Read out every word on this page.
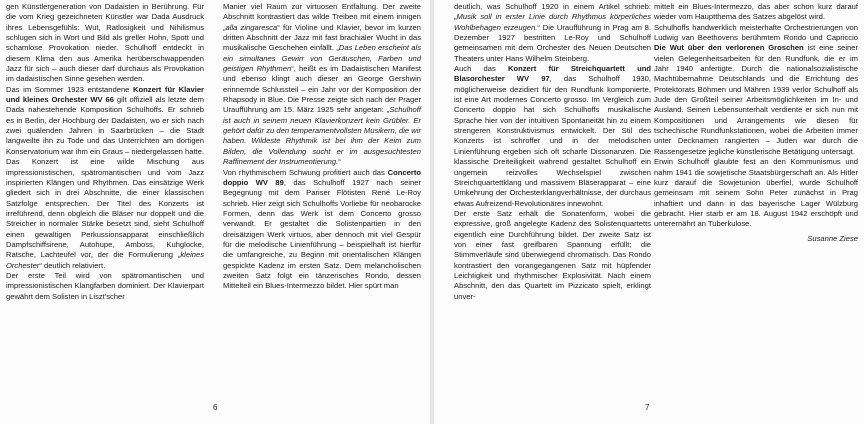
gen Künstlergeneration von Dadaisten in Berührung. Für die vom Krieg gezeichneten Künstler war Dada Ausdruck ihres Lebensgefühls: Wut, Ratlosigkeit und Nihilismus schlugen sich in Wort und Bild als greller Hohn, Spott und schamlose Provokation nieder. Schulhoff entdeckt in diesem Klima den aus Amerika herüberschwappenden Jazz für sich – auch dieser darf durchaus als Provokation im dadaistischen Sinne gesehen werden.

Das im Sommer 1923 entstandene Konzert für Klavier und kleines Orchester WV 66 gilt offiziell als letzte dem Dada nahestehende Komposition Schulhoffs. Er schrieb es in Berlin, der Hochburg der Dadaisten, wo er sich nach zwei quälenden Jahren in Saarbrücken – die Stadt langweilte ihn zu Tode und das Unterrichten am dortigen Konservatorium war ihm ein Graus – niedergelassen hatte. Das Konzert ist eine wilde Mischung aus impressionistischen, spätromantischen und vom Jazz inspirierten Klängen und Rhythmen. Das einsätzige Werk gliedert sich in drei Abschnitte, die einer klassischen Satzfolge entsprechen. Der Titel des Konzerts ist irreführend, denn obgleich die Bläser nur doppelt und die Streicher in normaler Stärke besetzt sind, sieht Schulhoff einen gewaltigen Perkussionsapparat einschließlich Dampfschiffsirene, Autohupe, Amboss, Kuhglocke, Ratsche, Lachteufel vor, der die Formulierung „kleines Orchester“ deutlich relativiert.

Der erste Teil wird von spätromantischen und impressionistischen Klangfarben dominiert. Der Klavierpart gewährt dem Solisten in Liszt'scher

Manier viel Raum zur virtuosen Entfaltung. Der zweite Abschnitt kontrastiert das wilde Treiben mit einem innigen „alla zingaresca“ für Violine und Klavier, bevor im kurzen dritten Abschnitt der Jazz mit fast brachialer Wucht in das musikalische Geschehen einfällt. „Das Leben erscheint als ein simultanes Gewirr von Geräuschen, Farben und geistigen Rhythmen“, heißt es im Dadaistischen Manifest und ebenso klingt auch dieser an George Gershwin erinnernde Schlussteil – ein Jahr vor der Komposition der Rhapsody in Blue. Die Presse zeigte sich nach der Prager Uraufführung am 15. März 1925 sehr angetan: „Schulhoff ist auch in seinem neuen Klavierkonzert kein Grübler. Er gehört dafür zu den temperamentvollsten Musikern, die wir haben. Wildeste Rhythmik ist bei ihm der Keim zum Bilden, die Vollendung sucht er im ausgesuchtesten Raffinement der Instrumentierung.“

Von rhythmischem Schwung profitiert auch das Concerto doppio WV 89, das Schulhoff 1927 nach seiner Begegnung mit dem Pariser Flötisten René Le-Roy schrieb. Hier zeigt sich Schulhoffs Vorliebe für neobarocke Formen, denn das Werk ist dem Concerto grosso verwandt. Er gestaltet die Solistenpartien in den dreisätzigen Werk virtuos, aber dennoch mit viel Gespür für die melodische Linienführung – beispielhaft ist hierfür die umfangreiche, zu Beginn mit orientalischen Klängen gespickte Kadenz im ersten Satz. Dem melancholischen zweiten Satz folgt ein tänzerisches Rondo, dessen Mittelteil ein Blues-Intermezzo bildet. Hier spürt man

6	7

deutlich, was Schulhoff 1920 in einem Artikel schrieb: „Musik soll in erster Linie durch Rhythmus körperliches Wohlbehagen erzeugen.“ Die Uraufführung in Prag am 8. Dezember 1927 bestritten Le-Roy und Schulhoff gemeinsamen mit dem Orchester des Neuen Deutschen Theaters unter Hans Wilhelm Steinberg.

Auch das Konzert für Streichquartett und Blasorchester WV 97, das Schulhoff 1930, möglicherweise dezidiert für den Rundfunk komponierte, ist eine Art modernes Concerto grosso. Im Vergleich zum Concerto doppio hat sich Schulhoffs musikalische Sprache hier von der intuitiven Spontaneität hin zu einem strengeren Konstruktivismus entwickelt. Der Stil des Konzerts ist schroffer und in der melodischen Linienführung ergeben sich oft scharfe Dissonanzen. Die klassische Dreiteiligkeit wahrend gestaltet Schulhoff ein ungemein reizvolles Wechselspiel zwischen Streichquartettklang und massivem Bläserapparat – eine Umkehrung der Orchesterklangverhältnisse, der durchaus etwas Aufreizend-Revolutionäres innewohnt.

Der erste Satz erhält die Sonatenform, wobei die expressive, groß angelegte Kadenz des Solistenquartetts eigentlich eine Durchführung bildet. Der zweite Satz ist von einer fast greifbaren Spannung erfüllt; die Stimmverläufe sind überwiegend chromatisch. Das Rondo kontrastiert den vorangegangenen Satz mit hüpfender Leichtigkeit und rhythmischer Explosivität. Nach einem Abschnitt, den das Quartett im Pizzicato spielt, erklingt unver-

mittelt ein Blues-Intermezzo, das aber schon kurz darauf wieder vom Hauptthema des Satzes abgelöst wird.

Schulhoffs handwerklich meisterhafte Orchestrierungen von Ludwig van Beethovens berühmtem Rondo und Capriccio Die Wut über den verlorenen Groschen ist eine seiner vielen Gelegenheitsarbeiten für den Rundfunk, die er im Jahr 1940 anfertigte. Durch die nationalsozialistische Machtübernahme Deutschlands und die Errichtung des Protektorats Böhmen und Mähren 1939 verlor Schulhoff als Jude den Großteil seiner Arbeitsmöglichkeiten im In- und Ausland. Seinen Lebensunterhalt verdiente er sich nun mit Kompositionen und Arrangements wie diesen für tschechische Rundfunkstationen, wobei die Arbeiten immer unter Decknamen rangierten – Juden war durch die Rassengesetze jegliche künstlerische Betätigung untersagt.

Erwin Schulhoff glaubte fest an den Kommunismus und nahm 1941 die sowjetische Staatsbürgerschaft an. Als Hitler kurz darauf die Sowjetunion überfiel, wurde Schulhoff gemeinsam mit seinem Sohn Peter zunächst in Prag inhaftiert und dann in das bayerische Lager Wülzburg gebracht. Hier starb er am 18. August 1942 erschöpft und unterernährt an Tuberkulose.

Susanne Ziese
